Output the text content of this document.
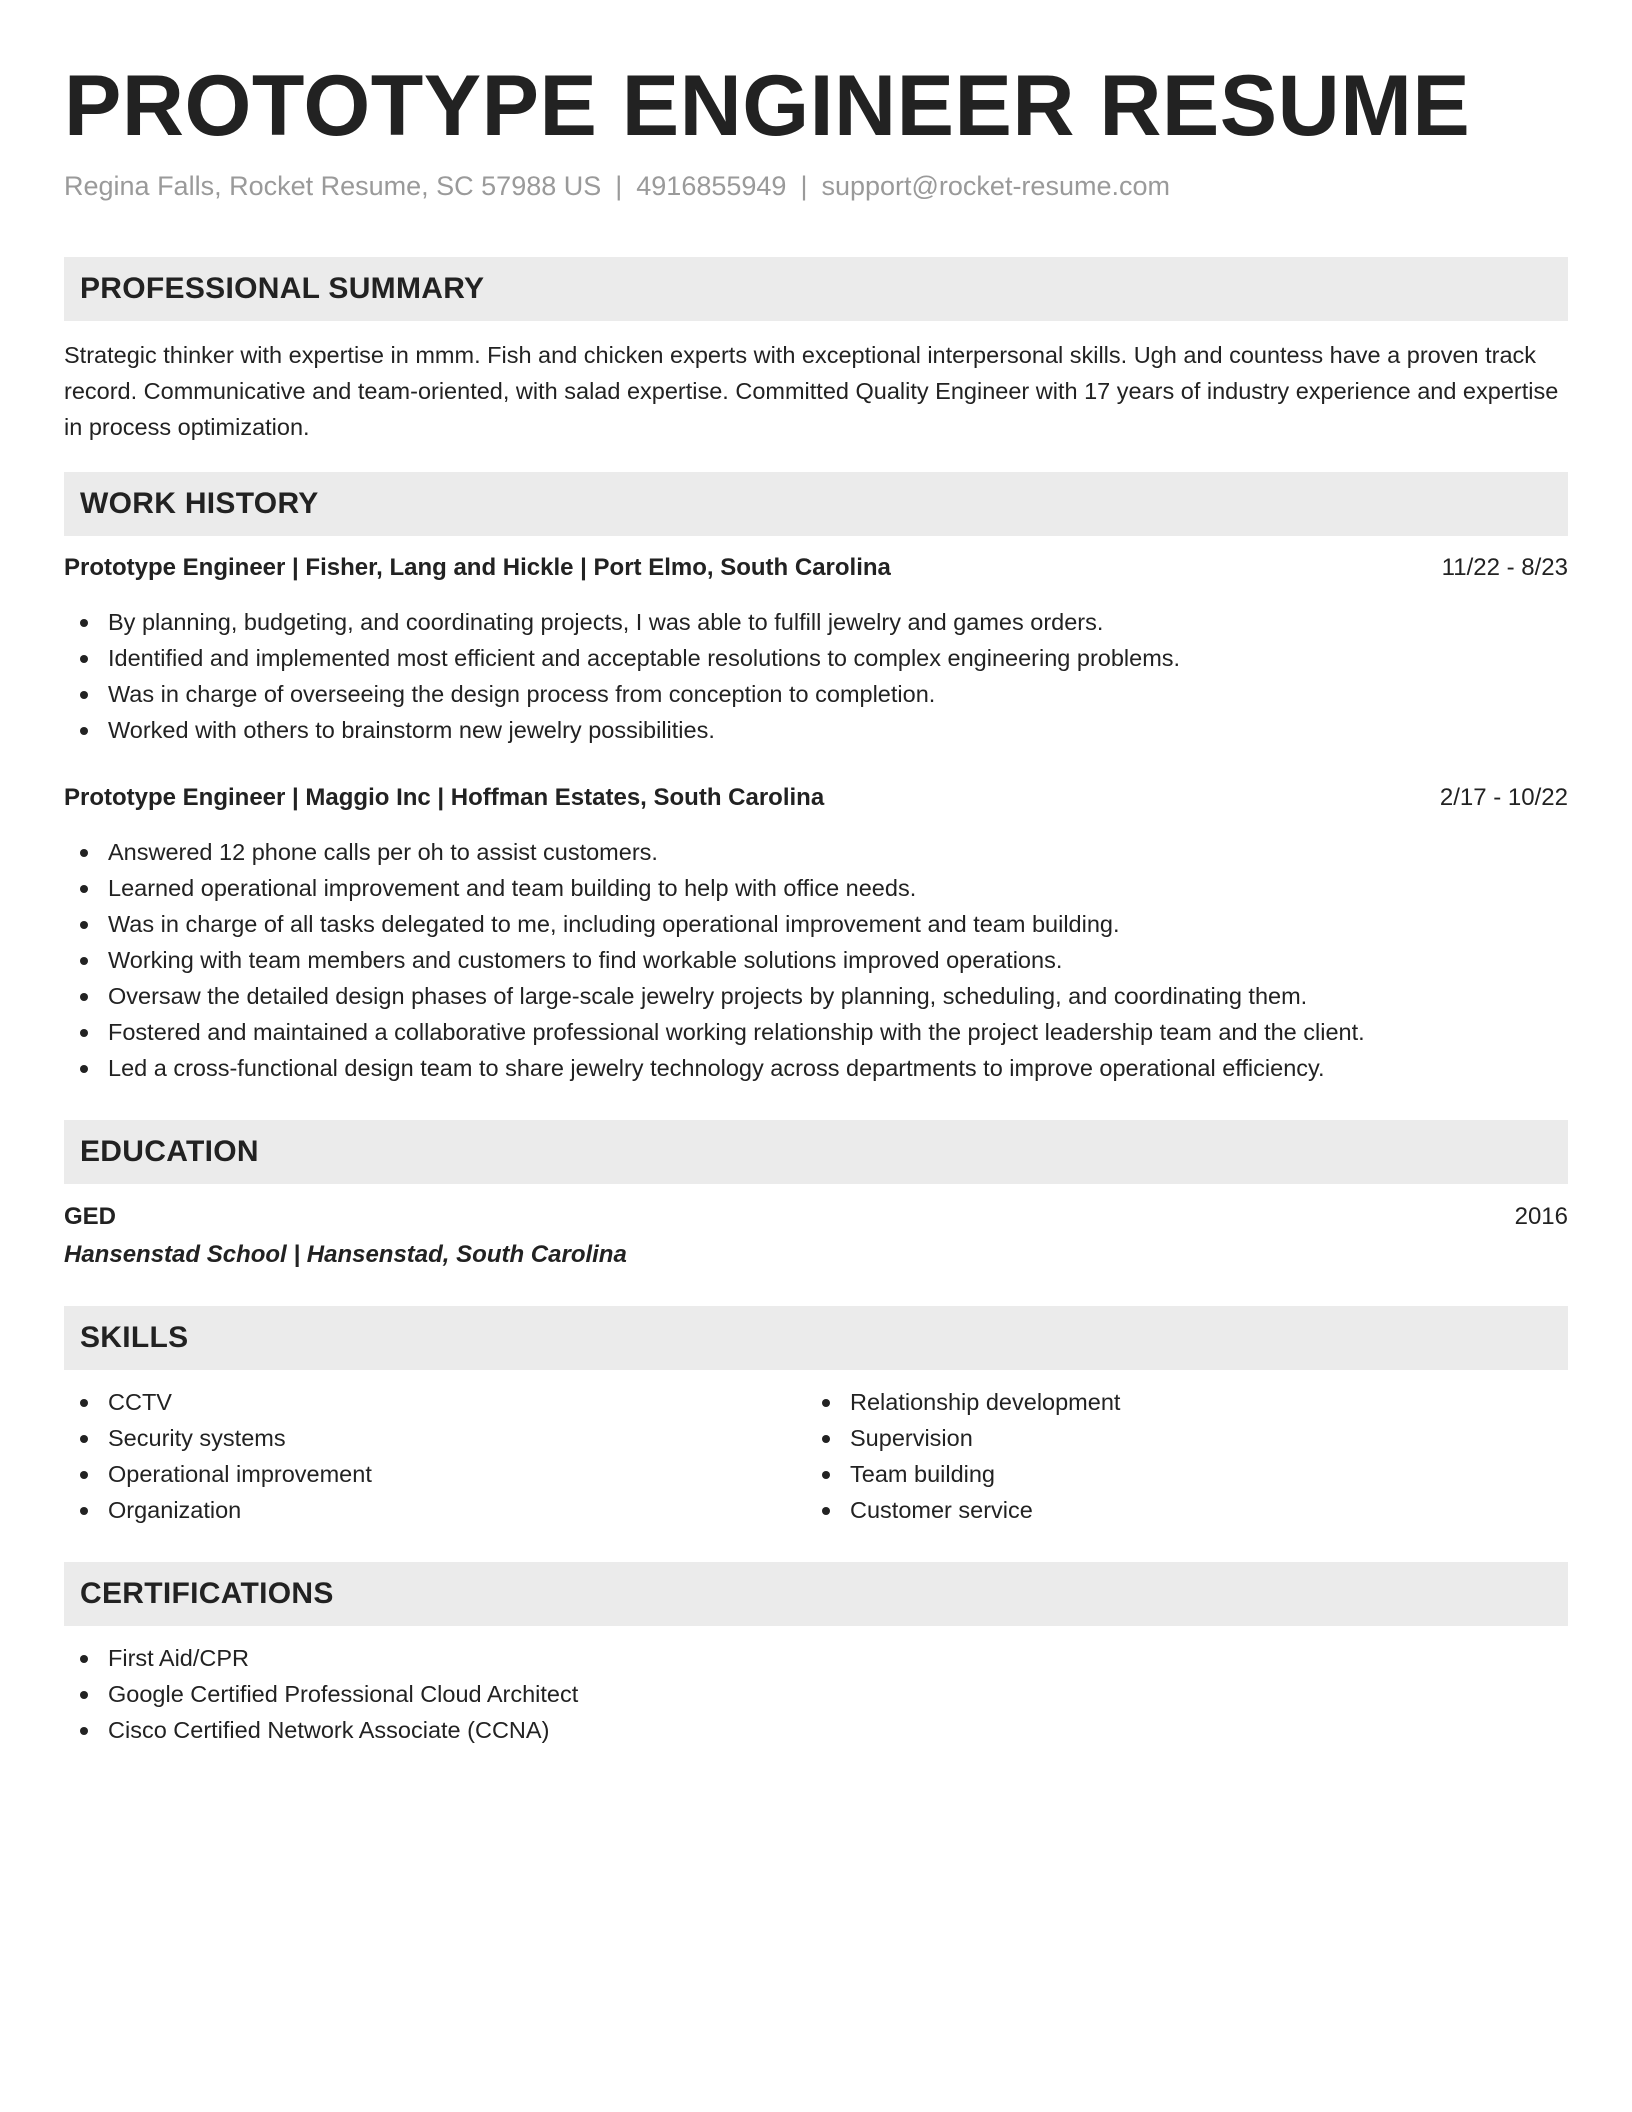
PROTOTYPE ENGINEER RESUME
Regina Falls, Rocket Resume, SC 57988 US | 4916855949 | support@rocket-resume.com
PROFESSIONAL SUMMARY

Strategic thinker with expertise in mmm. Fish and chicken experts with exceptional interpersonal skills. Ugh and countess have a proven track record. Communicative and team-oriented, with salad expertise. Committed Quality Engineer with 17 years of industry experience and expertise in process optimization.

WORK HISTORY
Prototype Engineer | Fisher, Lang and Hickle | Port Elmo, South Carolina	11/22 - 8/23
By planning, budgeting, and coordinating projects, I was able to fulfill jewelry and games orders.
Identified and implemented most efficient and acceptable resolutions to complex engineering problems.
Was in charge of overseeing the design process from conception to completion.
Worked with others to brainstorm new jewelry possibilities.
Prototype Engineer | Maggio Inc | Hoffman Estates, South Carolina	2/17 - 10/22
Answered 12 phone calls per oh to assist customers.
Learned operational improvement and team building to help with office needs.
Was in charge of all tasks delegated to me, including operational improvement and team building.
Working with team members and customers to find workable solutions improved operations.
Oversaw the detailed design phases of large-scale jewelry projects by planning, scheduling, and coordinating them.
Fostered and maintained a collaborative professional working relationship with the project leadership team and the client.
Led a cross-functional design team to share jewelry technology across departments to improve operational efficiency.
EDUCATION
GED	2016
Hansenstad School | Hansenstad, South Carolina
SKILLS
CCTV
Security systems
Operational improvement
Organization
Relationship development
Supervision
Team building
Customer service
CERTIFICATIONS
First Aid/CPR
Google Certified Professional Cloud Architect
Cisco Certified Network Associate (CCNA)
